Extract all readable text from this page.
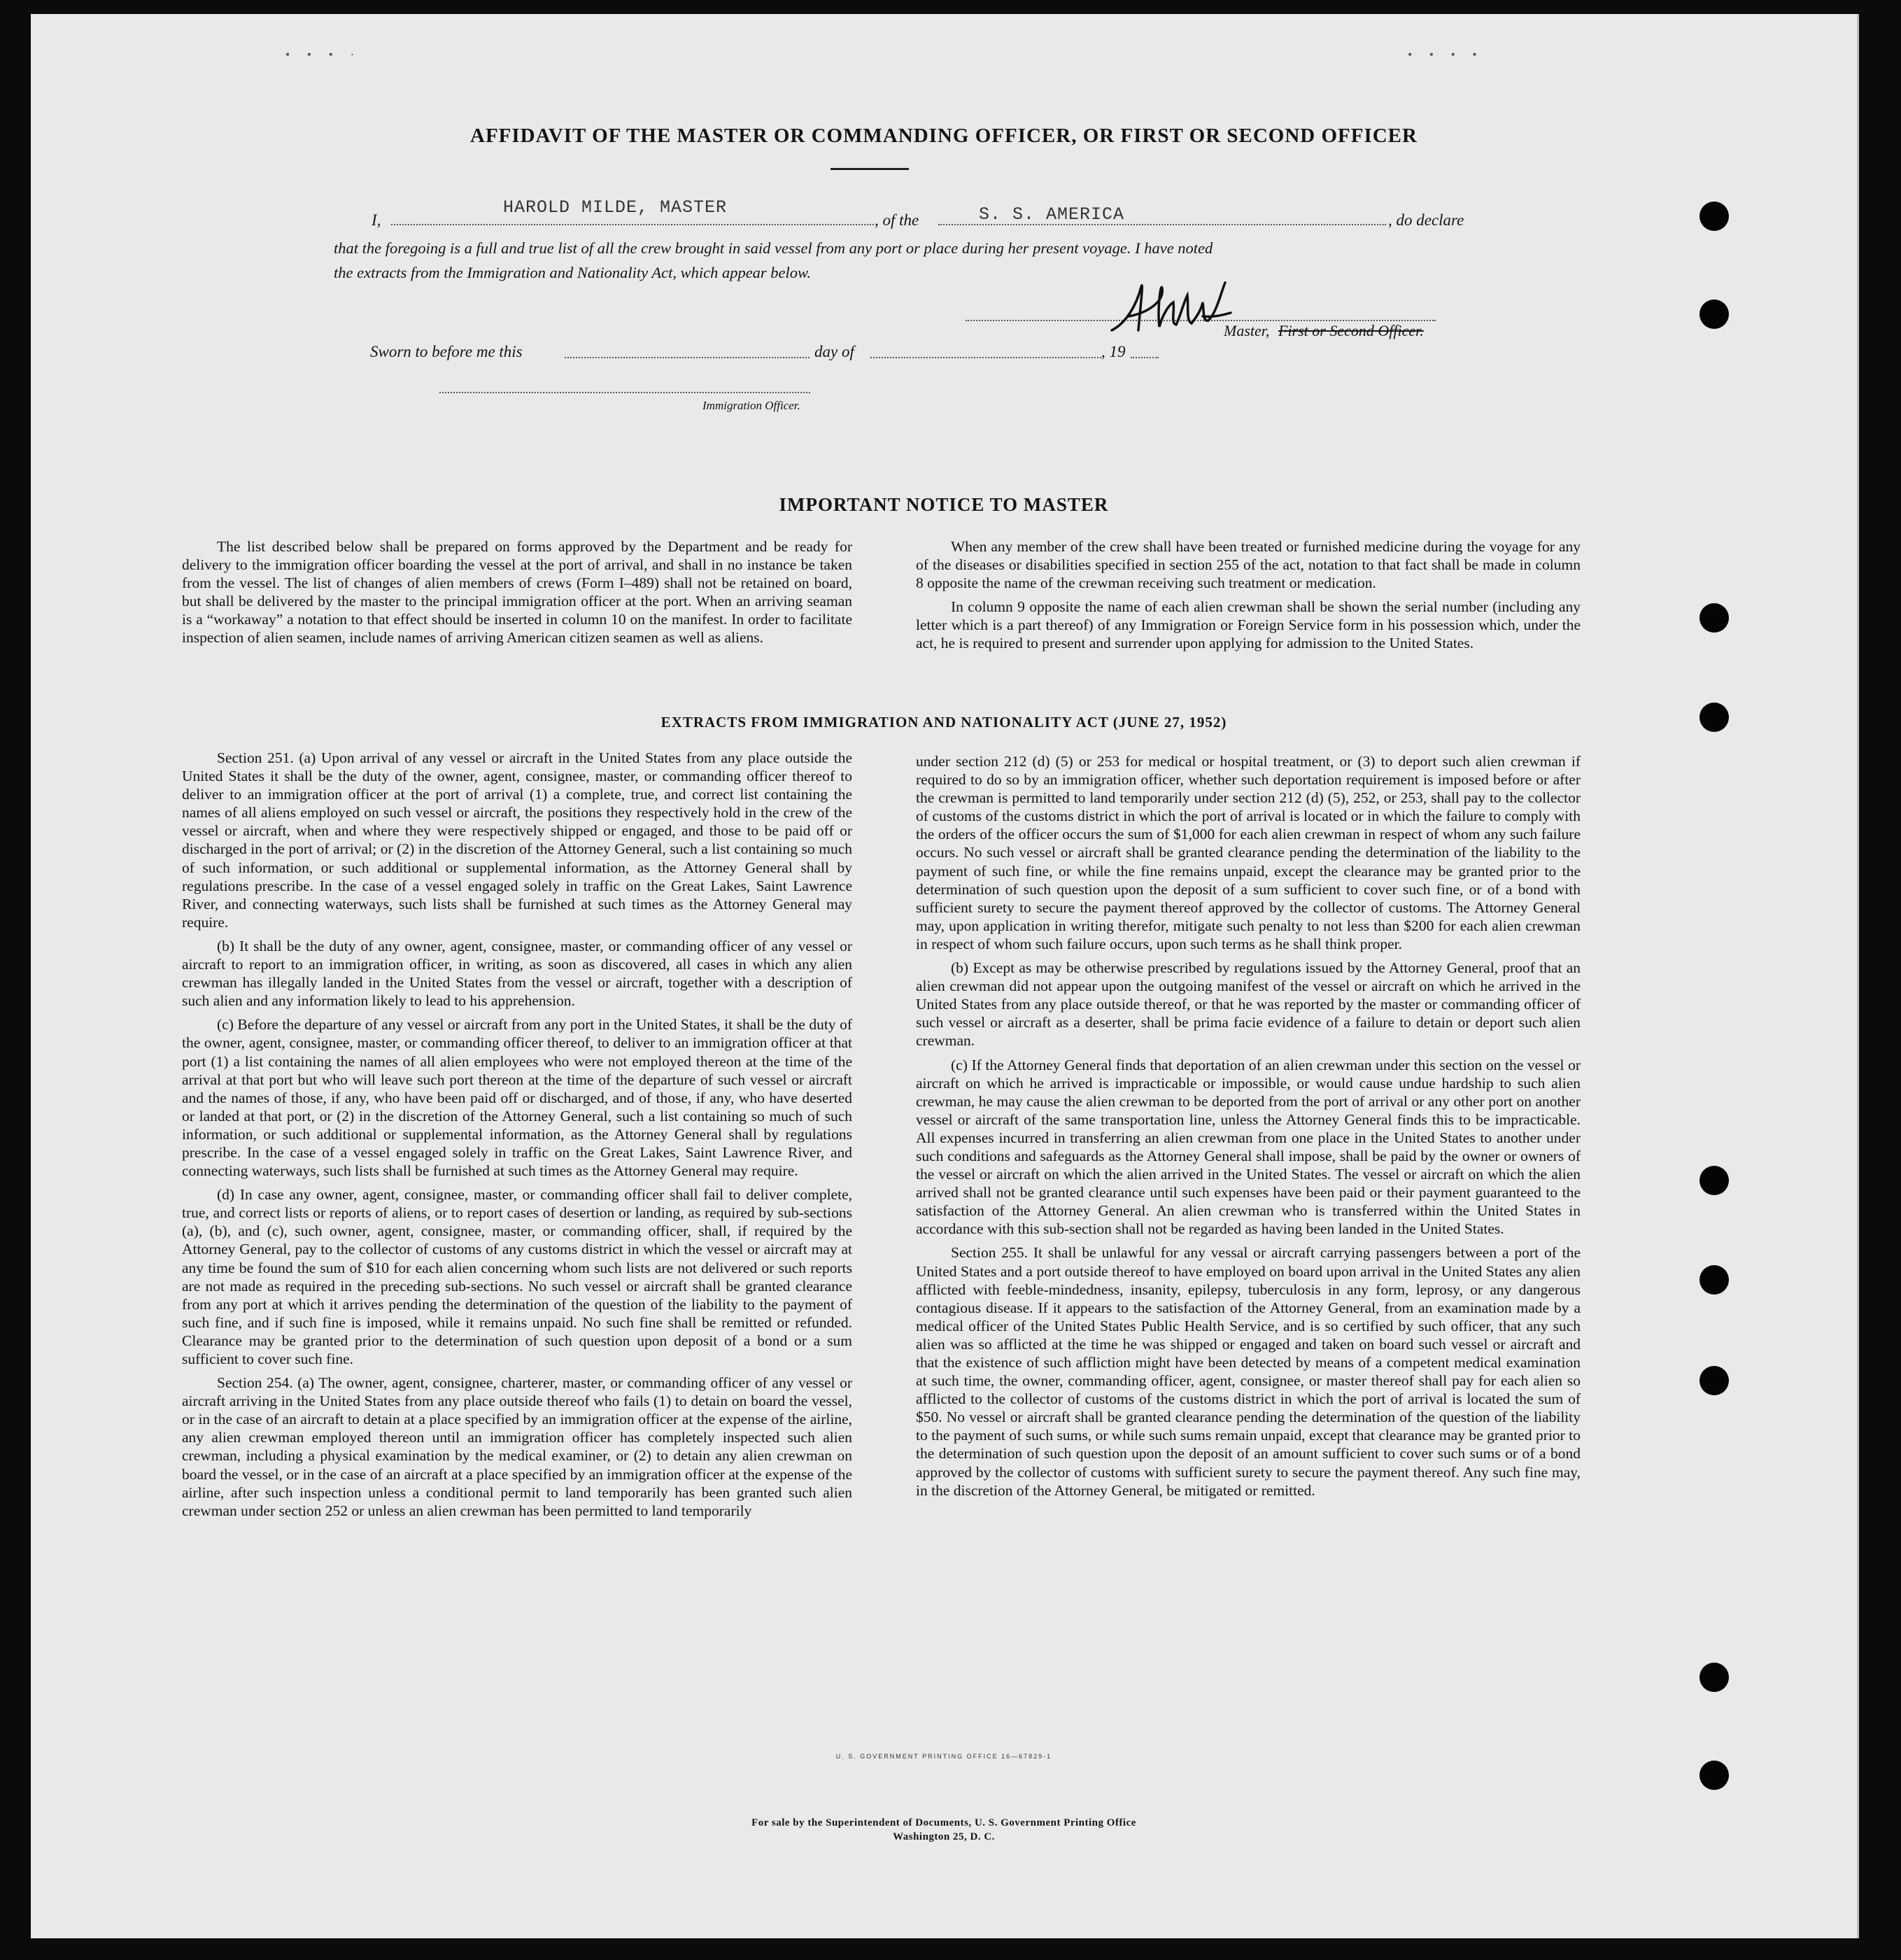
• • • ·	• • • •
AFFIDAVIT OF THE MASTER OR COMMANDING OFFICER, OR FIRST OR SECOND OFFICER
I,
HAROLD MILDE, MASTER
, of the	S. S. AMERICA	, do declare
that the foregoing is a full and true list of all the crew brought in said vessel from any port or place during her present voyage. I have noted
the extracts from the Immigration and Nationality Act, which appear below.
Master, First or Second Officer.
Sworn to before me this	day of	, 19
Immigration Officer.
IMPORTANT NOTICE TO MASTER

The list described below shall be prepared on forms approved by the Department and be ready for delivery to the immigration officer boarding the vessel at the port of arrival, and shall in no instance be taken from the vessel. The list of changes of alien members of crews (Form I–489) shall not be retained on board, but shall be delivered by the master to the principal immigration officer at the port. When an arriving seaman is a “workaway” a notation to that effect should be inserted in column 10 on the manifest. In order to facilitate inspection of alien seamen, include names of arriving American citizen seamen as well as aliens.

When any member of the crew shall have been treated or furnished medicine during the voyage for any of the diseases or disabilities specified in section 255 of the act, notation to that fact shall be made in column 8 opposite the name of the crewman receiving such treatment or medication.

In column 9 opposite the name of each alien crewman shall be shown the serial number (including any letter which is a part thereof) of any Immigration or Foreign Service form in his possession which, under the act, he is required to present and surrender upon applying for admission to the United States.

EXTRACTS FROM IMMIGRATION AND NATIONALITY ACT (JUNE 27, 1952)

Section 251. (a) Upon arrival of any vessel or aircraft in the United States from any place outside the United States it shall be the duty of the owner, agent, consignee, master, or commanding officer thereof to deliver to an immigration officer at the port of arrival (1) a complete, true, and correct list containing the names of all aliens employed on such vessel or aircraft, the positions they respectively hold in the crew of the vessel or aircraft, when and where they were respectively shipped or engaged, and those to be paid off or discharged in the port of arrival; or (2) in the discretion of the Attorney General, such a list containing so much of such information, or such additional or supplemental information, as the Attorney General shall by regulations prescribe. In the case of a vessel engaged solely in traffic on the Great Lakes, Saint Lawrence River, and connecting waterways, such lists shall be furnished at such times as the Attorney General may require.

(b) It shall be the duty of any owner, agent, consignee, master, or commanding officer of any vessel or aircraft to report to an immigration officer, in writing, as soon as discovered, all cases in which any alien crewman has illegally landed in the United States from the vessel or aircraft, together with a description of such alien and any information likely to lead to his apprehension.

(c) Before the departure of any vessel or aircraft from any port in the United States, it shall be the duty of the owner, agent, consignee, master, or commanding officer thereof, to deliver to an immigration officer at that port (1) a list containing the names of all alien employees who were not employed thereon at the time of the arrival at that port but who will leave such port thereon at the time of the departure of such vessel or aircraft and the names of those, if any, who have been paid off or discharged, and of those, if any, who have deserted or landed at that port, or (2) in the discretion of the Attorney General, such a list containing so much of such information, or such additional or supplemental information, as the Attorney General shall by regulations prescribe. In the case of a vessel engaged solely in traffic on the Great Lakes, Saint Lawrence River, and connecting waterways, such lists shall be furnished at such times as the Attorney General may require.

(d) In case any owner, agent, consignee, master, or commanding officer shall fail to deliver complete, true, and correct lists or reports of aliens, or to report cases of desertion or landing, as required by sub-sections (a), (b), and (c), such owner, agent, consignee, master, or commanding officer, shall, if required by the Attorney General, pay to the collector of customs of any customs district in which the vessel or aircraft may at any time be found the sum of $10 for each alien concerning whom such lists are not delivered or such reports are not made as required in the preceding sub-sections. No such vessel or aircraft shall be granted clearance from any port at which it arrives pending the determination of the question of the liability to the payment of such fine, and if such fine is imposed, while it remains unpaid. No such fine shall be remitted or refunded. Clearance may be granted prior to the determination of such question upon deposit of a bond or a sum sufficient to cover such fine.

Section 254. (a) The owner, agent, consignee, charterer, master, or commanding officer of any vessel or aircraft arriving in the United States from any place outside thereof who fails (1) to detain on board the vessel, or in the case of an aircraft to detain at a place specified by an immigration officer at the expense of the airline, any alien crewman employed thereon until an immigration officer has completely inspected such alien crewman, including a physical examination by the medical examiner, or (2) to detain any alien crewman on board the vessel, or in the case of an aircraft at a place specified by an immigration officer at the expense of the airline, after such inspection unless a conditional permit to land temporarily has been granted such alien crewman under section 252 or unless an alien crewman has been permitted to land temporarily

under section 212 (d) (5) or 253 for medical or hospital treatment, or (3) to deport such alien crewman if required to do so by an immigration officer, whether such deportation requirement is imposed before or after the crewman is permitted to land temporarily under section 212 (d) (5), 252, or 253, shall pay to the collector of customs of the customs district in which the port of arrival is located or in which the failure to comply with the orders of the officer occurs the sum of $1,000 for each alien crewman in respect of whom any such failure occurs. No such vessel or aircraft shall be granted clearance pending the determination of the liability to the payment of such fine, or while the fine remains unpaid, except the clearance may be granted prior to the determination of such question upon the deposit of a sum sufficient to cover such fine, or of a bond with sufficient surety to secure the payment thereof approved by the collector of customs. The Attorney General may, upon application in writing therefor, mitigate such penalty to not less than $200 for each alien crewman in respect of whom such failure occurs, upon such terms as he shall think proper.

(b) Except as may be otherwise prescribed by regulations issued by the Attorney General, proof that an alien crewman did not appear upon the outgoing manifest of the vessel or aircraft on which he arrived in the United States from any place outside thereof, or that he was reported by the master or commanding officer of such vessel or aircraft as a deserter, shall be prima facie evidence of a failure to detain or deport such alien crewman.

(c) If the Attorney General finds that deportation of an alien crewman under this section on the vessel or aircraft on which he arrived is impracticable or impossible, or would cause undue hardship to such alien crewman, he may cause the alien crewman to be deported from the port of arrival or any other port on another vessel or aircraft of the same transportation line, unless the Attorney General finds this to be impracticable. All expenses incurred in transferring an alien crewman from one place in the United States to another under such conditions and safeguards as the Attorney General shall impose, shall be paid by the owner or owners of the vessel or aircraft on which the alien arrived in the United States. The vessel or aircraft on which the alien arrived shall not be granted clearance until such expenses have been paid or their payment guaranteed to the satisfaction of the Attorney General. An alien crewman who is transferred within the United States in accordance with this sub-section shall not be regarded as having been landed in the United States.

Section 255. It shall be unlawful for any vessal or aircraft carrying passengers between a port of the United States and a port outside thereof to have employed on board upon arrival in the United States any alien afflicted with feeble-mindedness, insanity, epilepsy, tuberculosis in any form, leprosy, or any dangerous contagious disease. If it appears to the satisfaction of the Attorney General, from an examination made by a medical officer of the United States Public Health Service, and is so certified by such officer, that any such alien was so afflicted at the time he was shipped or engaged and taken on board such vessel or aircraft and that the existence of such affliction might have been detected by means of a competent medical examination at such time, the owner, commanding officer, agent, consignee, or master thereof shall pay for each alien so afflicted to the collector of customs of the customs district in which the port of arrival is located the sum of $50. No vessel or aircraft shall be granted clearance pending the determination of the question of the liability to the payment of such sums, or while such sums remain unpaid, except that clearance may be granted prior to the determination of such question upon the deposit of an amount sufficient to cover such sums or of a bond approved by the collector of customs with sufficient surety to secure the payment thereof. Any such fine may, in the discretion of the Attorney General, be mitigated or remitted.

U. S. GOVERNMENT PRINTING OFFICE 16—67829-1
For sale by the Superintendent of Documents, U. S. Government Printing Office
Washington 25, D. C.
